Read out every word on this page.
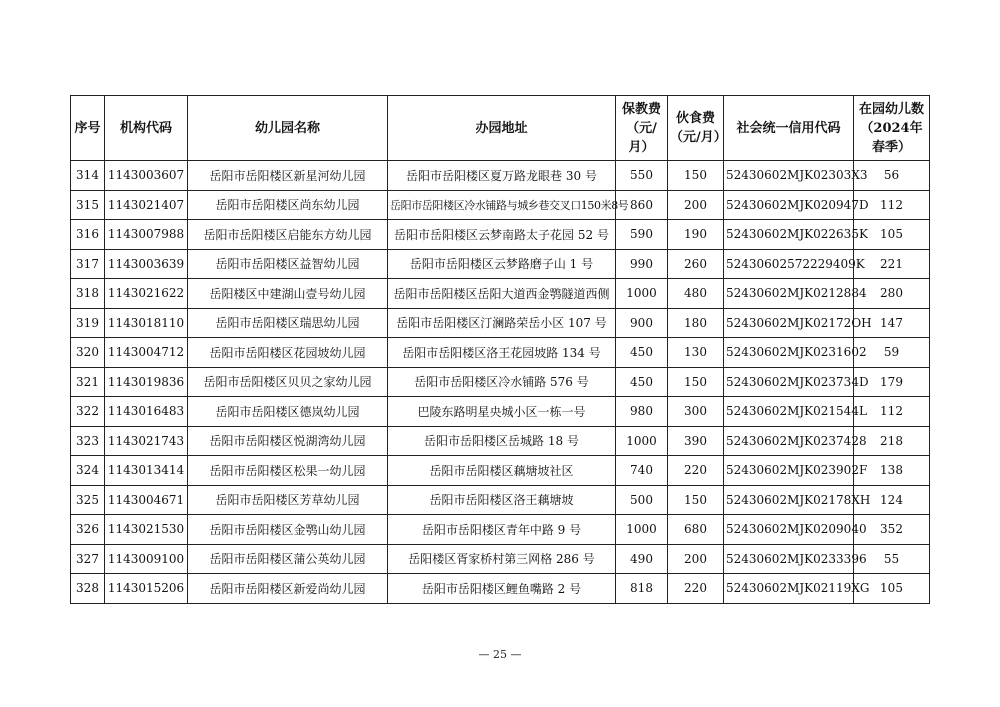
序号	机构代码	幼儿园名称	办园地址	保教费（元/月）	伙食费（元/月）	社会统一信用代码	在园幼儿数（2024年春季）
314	1143003607	岳阳市岳阳楼区新星河幼儿园	岳阳市岳阳楼区夏万路龙眼巷 30 号	550	150	52430602MJK02303X3	56
315	1143021407	岳阳市岳阳楼区尚东幼儿园	岳阳市岳阳楼区冷水铺路与城乡巷交叉口150米8号	860	200	52430602MJK020947D	112
316	1143007988	岳阳市岳阳楼区启能东方幼儿园	岳阳市岳阳楼区云梦南路太子花园 52 号	590	190	52430602MJK022635K	105
317	1143003639	岳阳市岳阳楼区益智幼儿园	岳阳市岳阳楼区云梦路磨子山 1 号	990	260	52430602572229409K	221
318	1143021622	岳阳楼区中建湖山壹号幼儿园	岳阳市岳阳楼区岳阳大道西金鹗隧道西侧	1000	480	52430602MJK0212884	280
319	1143018110	岳阳市岳阳楼区瑞思幼儿园	岳阳市岳阳楼区汀澜路荣岳小区 107 号	900	180	52430602MJK02172OH	147
320	1143004712	岳阳市岳阳楼区花园坡幼儿园	岳阳市岳阳楼区洛王花园坡路 134 号	450	130	52430602MJK0231602	59
321	1143019836	岳阳市岳阳楼区贝贝之家幼儿园	岳阳市岳阳楼区冷水铺路 576 号	450	150	52430602MJK023734D	179
322	1143016483	岳阳市岳阳楼区德岚幼儿园	巴陵东路明星央城小区一栋一号	980	300	52430602MJK021544L	112
323	1143021743	岳阳市岳阳楼区悦湖湾幼儿园	岳阳市岳阳楼区岳城路 18 号	1000	390	52430602MJK0237428	218
324	1143013414	岳阳市岳阳楼区松果一幼儿园	岳阳市岳阳楼区藕塘坡社区	740	220	52430602MJK023902F	138
325	1143004671	岳阳市岳阳楼区芳草幼儿园	岳阳市岳阳楼区洛王藕塘坡	500	150	52430602MJK02178XH	124
326	1143021530	岳阳市岳阳楼区金鹗山幼儿园	岳阳市岳阳楼区青年中路 9 号	1000	680	52430602MJK0209040	352
327	1143009100	岳阳市岳阳楼区蒲公英幼儿园	岳阳楼区胥家桥村第三网格 286 号	490	200	52430602MJK0233396	55
328	1143015206	岳阳市岳阳楼区新爱尚幼儿园	岳阳市岳阳楼区鲤鱼嘴路 2 号	818	220	52430602MJK02119XG	105
— 25 —
